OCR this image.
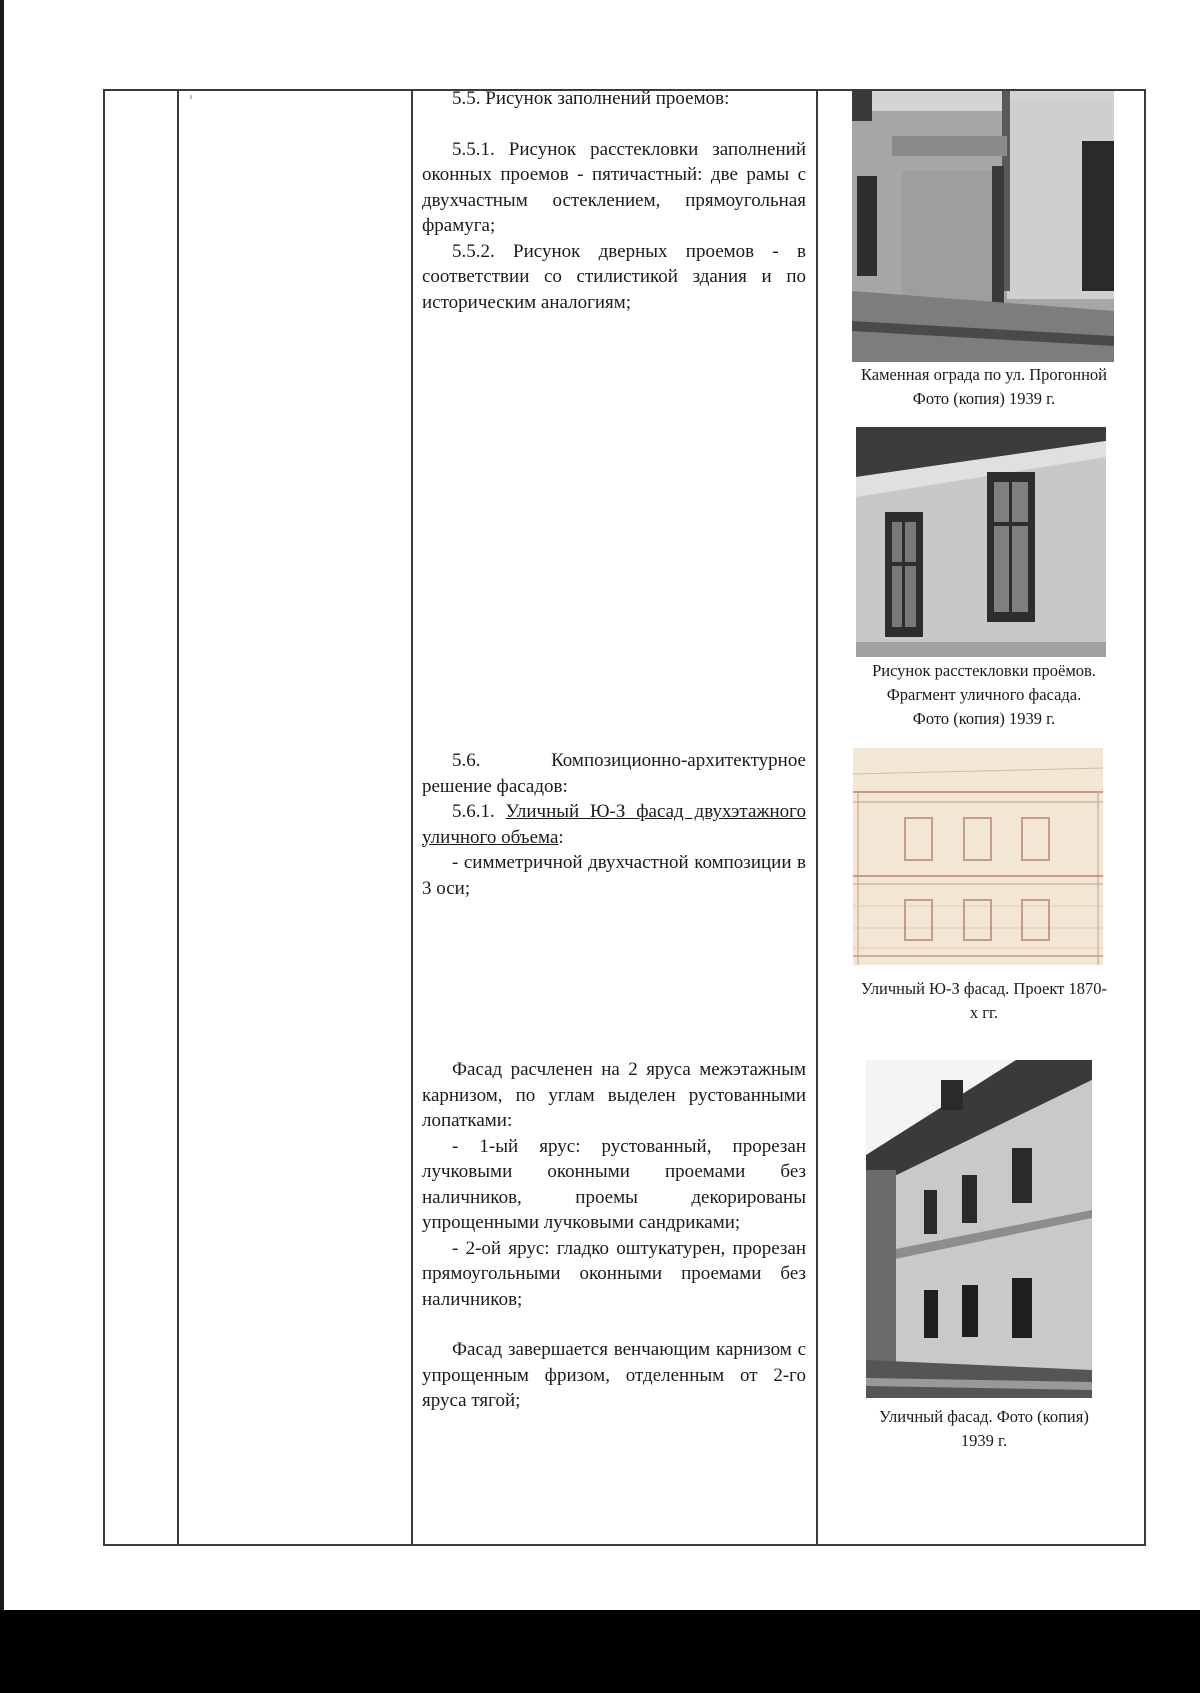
5.5. Рисунок заполнений проемов:

5.5.1. Рисунок расстекловки заполнений оконных проемов - пятичастный: две рамы с двухчастным остеклением, прямоугольная фрамуга;

5.5.2. Рисунок дверных проемов - в соответствии со стилистикой здания и по историческим аналогиям;

5.6. Композиционно-архитектурное решение фасадов:

5.6.1. Уличный Ю-З фасад двухэтажного уличного объема:

- симметричной двухчастной композиции в 3 оси;

Фасад расчленен на 2 яруса межэтажным карнизом, по углам выделен рустованными лопатками:

- 1-ый ярус: рустованный, прорезан лучковыми оконными проемами без наличников, проемы декорированы упрощенными лучковыми сандриками;

- 2-ой ярус: гладко оштукатурен, прорезан прямоугольными оконными проемами без наличников;

Фасад завершается венчающим карнизом с упрощенным фризом, отделенным от 2-го яруса тягой;

Каменная ограда по ул. Прогонной
Фото (копия) 1939 г.
Рисунок расстекловки проёмов.
Фрагмент уличного фасада.
Фото (копия) 1939 г.
Уличный Ю-З фасад. Проект 1870-
х гг.
Уличный фасад. Фото (копия)
1939 г.
